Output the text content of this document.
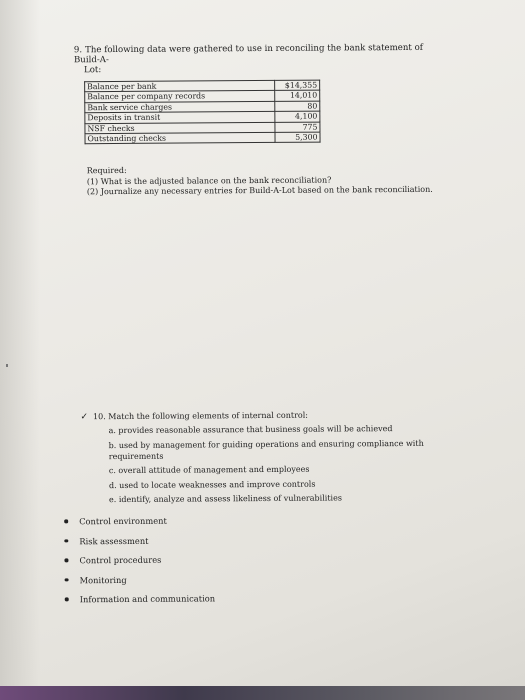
9. The following data were gathered to use in reconciling the bank statement of Build-A-
Lot:
Balance per bank	$14,355
Balance per company records	14,010
Bank service charges	80
Deposits in transit	4,100
NSF checks	775
Outstanding checks	5,300
Required:
(1) What is the adjusted balance on the bank reconciliation?
(2) Journalize any necessary entries for Build-A-Lot based on the bank reconciliation.
✓ 10. Match the following elements of internal control:
a. provides reasonable assurance that business goals will be achieved
b. used by management for guiding operations and ensuring compliance with requirements
c. overall attitude of management and employees
d. used to locate weaknesses and improve controls
e. identify, analyze and assess likeliness of vulnerabilities
Control environment
Risk assessment
Control procedures
Monitoring
Information and communication
